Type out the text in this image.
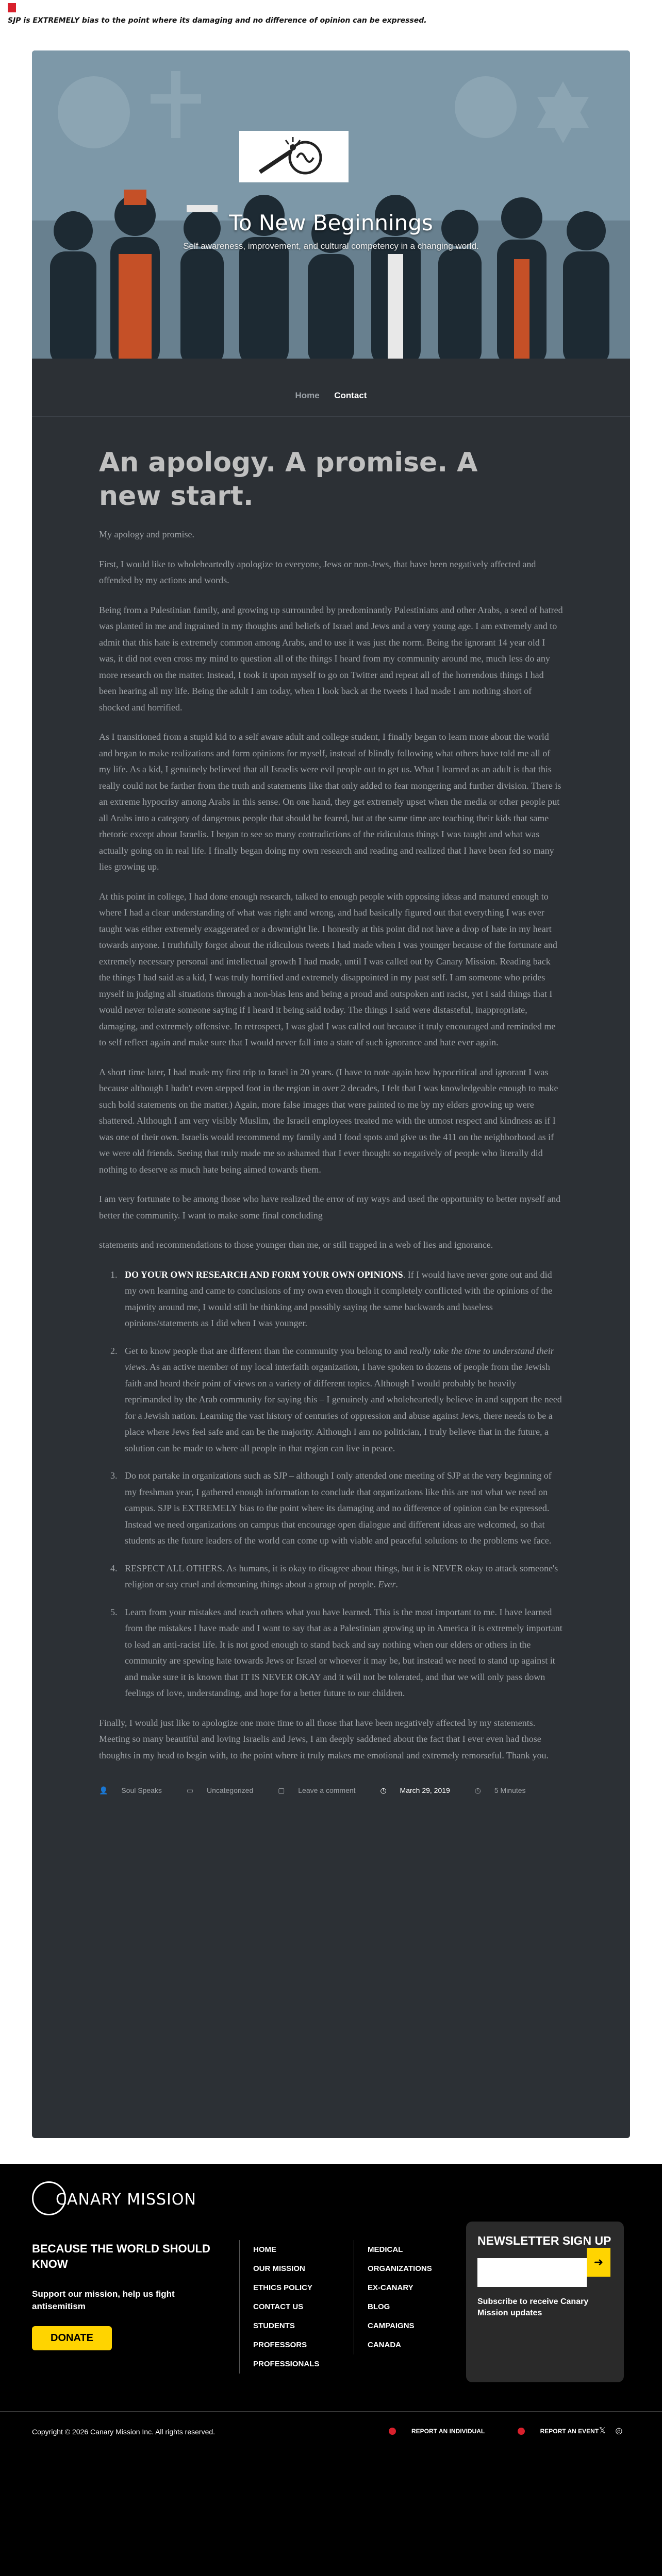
SJP is EXTREMELY bias to the point where its damaging and no difference of opinion can be expressed.
To New Beginnings
Self awareness, improvement, and cultural competency in a changing world.
Home Contact
An apology. A promise. A new start.

My apology and promise.

First, I would like to wholeheartedly apologize to everyone, Jews or non-Jews, that have been negatively affected and offended by my actions and words.

Being from a Palestinian family, and growing up surrounded by predominantly Palestinians and other Arabs, a seed of hatred was planted in me and ingrained in my thoughts and beliefs of Israel and Jews and a very young age. I am extremely and to admit that this hate is extremely common among Arabs, and to use it was just the norm. Being the ignorant 14 year old I was, it did not even cross my mind to question all of the things I heard from my community around me, much less do any more research on the matter. Instead, I took it upon myself to go on Twitter and repeat all of the horrendous things I had been hearing all my life. Being the adult I am today, when I look back at the tweets I had made I am nothing short of shocked and horrified.

As I transitioned from a stupid kid to a self aware adult and college student, I finally began to learn more about the world and began to make realizations and form opinions for myself, instead of blindly following what others have told me all of my life. As a kid, I genuinely believed that all Israelis were evil people out to get us. What I learned as an adult is that this really could not be farther from the truth and statements like that only added to fear mongering and further division. There is an extreme hypocrisy among Arabs in this sense. On one hand, they get extremely upset when the media or other people put all Arabs into a category of dangerous people that should be feared, but at the same time are teaching their kids that same rhetoric except about Israelis. I began to see so many contradictions of the ridiculous things I was taught and what was actually going on in real life. I finally began doing my own research and reading and realized that I have been fed so many lies growing up.

At this point in college, I had done enough research, talked to enough people with opposing ideas and matured enough to where I had a clear understanding of what was right and wrong, and had basically figured out that everything I was ever taught was either extremely exaggerated or a downright lie. I honestly at this point did not have a drop of hate in my heart towards anyone. I truthfully forgot about the ridiculous tweets I had made when I was younger because of the fortunate and extremely necessary personal and intellectual growth I had made, until I was called out by Canary Mission. Reading back the things I had said as a kid, I was truly horrified and extremely disappointed in my past self. I am someone who prides myself in judging all situations through a non-bias lens and being a proud and outspoken anti racist, yet I said things that I would never tolerate someone saying if I heard it being said today. The things I said were distasteful, inappropriate, damaging, and extremely offensive. In retrospect, I was glad I was called out because it truly encouraged and reminded me to self reflect again and make sure that I would never fall into a state of such ignorance and hate ever again.

A short time later, I had made my first trip to Israel in 20 years. (I have to note again how hypocritical and ignorant I was because although I hadn't even stepped foot in the region in over 2 decades, I felt that I was knowledgeable enough to make such bold statements on the matter.) Again, more false images that were painted to me by my elders growing up were shattered. Although I am very visibly Muslim, the Israeli employees treated me with the utmost respect and kindness as if I was one of their own. Israelis would recommend my family and I food spots and give us the 411 on the neighborhood as if we were old friends. Seeing that truly made me so ashamed that I ever thought so negatively of people who literally did nothing to deserve as much hate being aimed towards them.

I am very fortunate to be among those who have realized the error of my ways and used the opportunity to better myself and better the community. I want to make some final concluding

statements and recommendations to those younger than me, or still trapped in a web of lies and ignorance.

1. DO YOUR OWN RESEARCH AND FORM YOUR OWN OPINIONS. If I would have never gone out and did my own learning and came to conclusions of my own even though it completely conflicted with the opinions of the majority around me, I would still be thinking and possibly saying the same backwards and baseless opinions/statements as I did when I was younger.
2. Get to know people that are different than the community you belong to and really take the time to understand their views. As an active member of my local interfaith organization, I have spoken to dozens of people from the Jewish faith and heard their point of views on a variety of different topics. Although I would probably be heavily reprimanded by the Arab community for saying this – I genuinely and wholeheartedly believe in and support the need for a Jewish nation. Learning the vast history of centuries of oppression and abuse against Jews, there needs to be a place where Jews feel safe and can be the majority. Although I am no politician, I truly believe that in the future, a solution can be made to where all people in that region can live in peace.
3. Do not partake in organizations such as SJP – although I only attended one meeting of SJP at the very beginning of my freshman year, I gathered enough information to conclude that organizations like this are not what we need on campus. SJP is EXTREMELY bias to the point where its damaging and no difference of opinion can be expressed. Instead we need organizations on campus that encourage open dialogue and different ideas are welcomed, so that students as the future leaders of the world can come up with viable and peaceful solutions to the problems we face.
4. RESPECT ALL OTHERS. As humans, it is okay to disagree about things, but it is NEVER okay to attack someone's religion or say cruel and demeaning things about a group of people. Ever.
5. Learn from your mistakes and teach others what you have learned. This is the most important to me. I have learned from the mistakes I have made and I want to say that as a Palestinian growing up in America it is extremely important to lead an anti-racist life. It is not good enough to stand back and say nothing when our elders or others in the community are spewing hate towards Jews or Israel or whoever it may be, but instead we need to stand up against it and make sure it is known that IT IS NEVER OKAY and it will not be tolerated, and that we will only pass down feelings of love, understanding, and hope for a better future to our children.

Finally, I would just like to apologize one more time to all those that have been negatively affected by my statements. Meeting so many beautiful and loving Israelis and Jews, I am deeply saddened about the fact that I ever even had those thoughts in my head to begin with, to the point where it truly makes me emotional and extremely remorseful. Thank you.

👤 Soul Speaks	▭ Uncategorized	▢ Leave a comment	◷ March 29, 2019	◷ 5 Minutes
CANARY MISSION
BECAUSE THE WORLD SHOULD KNOW
Support our mission, help us fight antisemitism
DONATE
HOME
OUR MISSION
ETHICS POLICY
CONTACT US
STUDENTS
PROFESSORS
PROFESSIONALS
MEDICAL
ORGANIZATIONS
EX-CANARY
BLOG
CAMPAIGNS
CANADA
NEWSLETTER SIGN UP
➜
Subscribe to receive Canary Mission updates
Copyright © 2026 Canary Mission Inc. All rights reserved.	REPORT AN INDIVIDUAL	REPORT AN EVENT 𝕏 ◎
